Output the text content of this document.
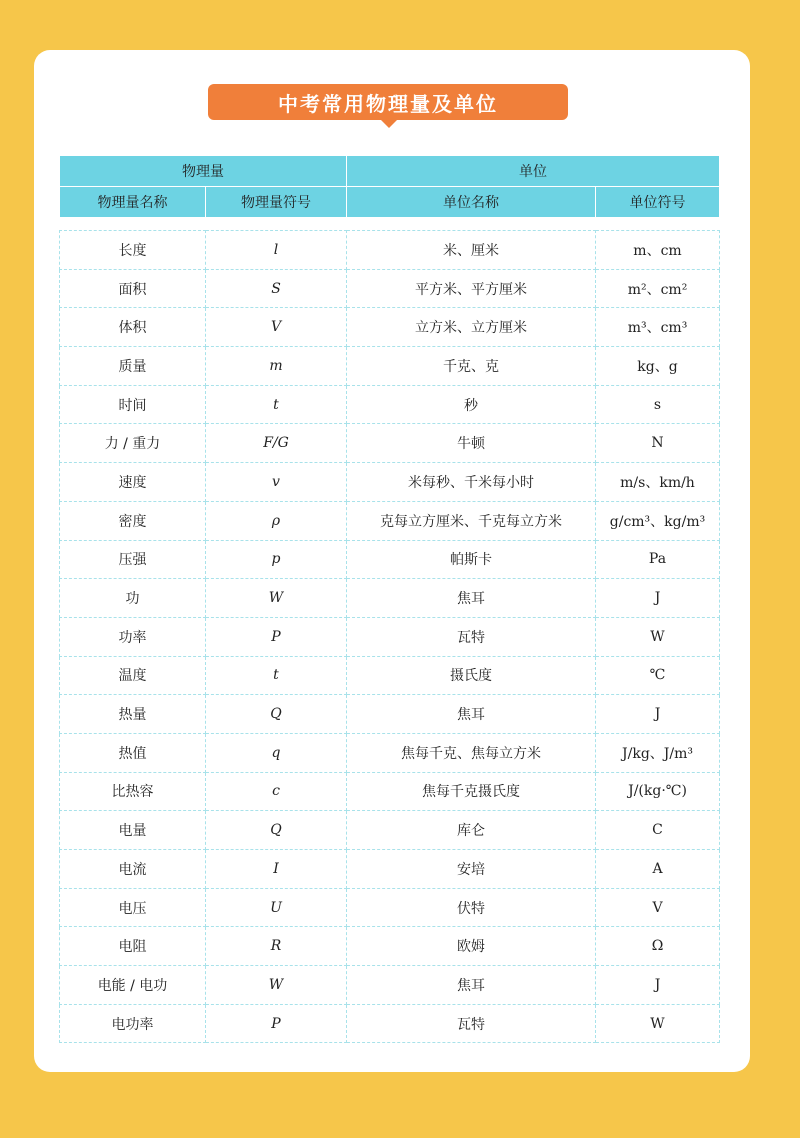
中考常用物理量及单位
物理量		单位	
物理量名称	物理量符号	单位名称	单位符号

长度	l	米、厘米	m、cm
面积	S	平方米、平方厘米	m²、cm²
体积	V	立方米、立方厘米	m³、cm³
质量	m	千克、克	kg、g
时间	t	秒	s
力 / 重力	F/G	牛顿	N
速度	v	米每秒、千米每小时	m/s、km/h
密度	ρ	克每立方厘米、千克每立方米	g/cm³、kg/m³
压强	p	帕斯卡	Pa
功	W	焦耳	J
功率	P	瓦特	W
温度	t	摄氏度	℃
热量	Q	焦耳	J
热值	q	焦每千克、焦每立方米	J/kg、J/m³
比热容	c	焦每千克摄氏度	J/(kg·℃)
电量	Q	库仑	C
电流	I	安培	A
电压	U	伏特	V
电阻	R	欧姆	Ω
电能 / 电功	W	焦耳	J
电功率	P	瓦特	W
